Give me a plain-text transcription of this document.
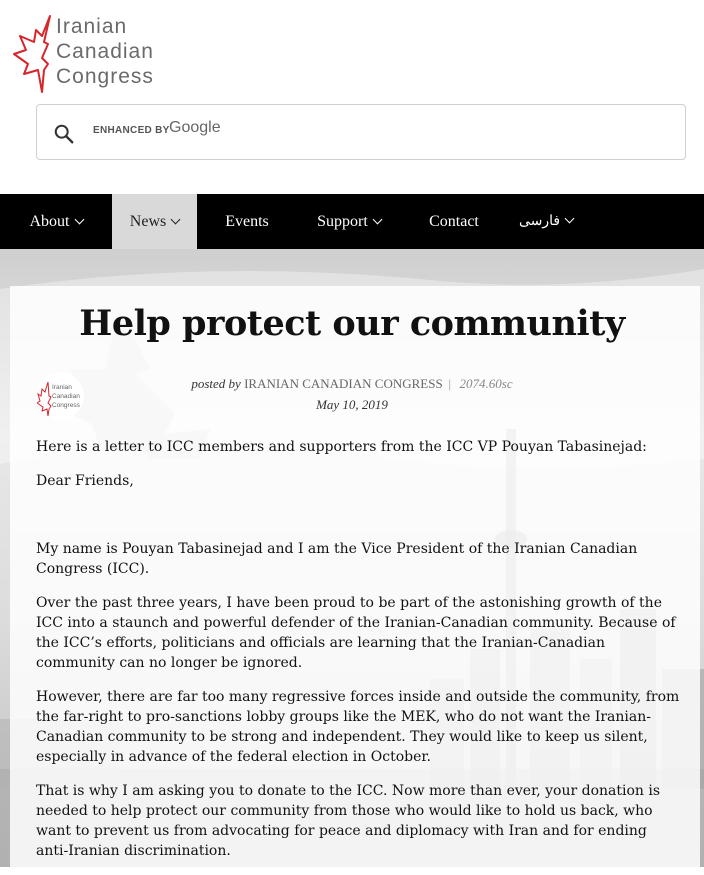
Iranian
Canadian
Congress
ENHANCED BY Google
About	News	Events	Support	Contact	فارسی
Help protect our community
Iranian
Canadian
Congress
posted by IRANIAN CANADIAN CONGRESS | 2074.60sc
May 10, 2019

Here is a letter to ICC members and supporters from the ICC VP Pouyan Tabasinejad:

Dear Friends,

My name is Pouyan Tabasinejad and I am the Vice President of the Iranian Canadian Congress (ICC).

Over the past three years, I have been proud to be part of the astonishing growth of the ICC into a staunch and powerful defender of the Iranian-Canadian community. Because of the ICC’s efforts, politicians and officials are learning that the Iranian-Canadian community can no longer be ignored.

However, there are far too many regressive forces inside and outside the community, from the far-right to pro-sanctions lobby groups like the MEK, who do not want the Iranian-Canadian community to be strong and independent. They would like to keep us silent, especially in advance of the federal election in October.

That is why I am asking you to donate to the ICC. Now more than ever, your donation is needed to help protect our community from those who would like to hold us back, who want to prevent us from advocating for peace and diplomacy with Iran and for ending anti-Iranian discrimination.
